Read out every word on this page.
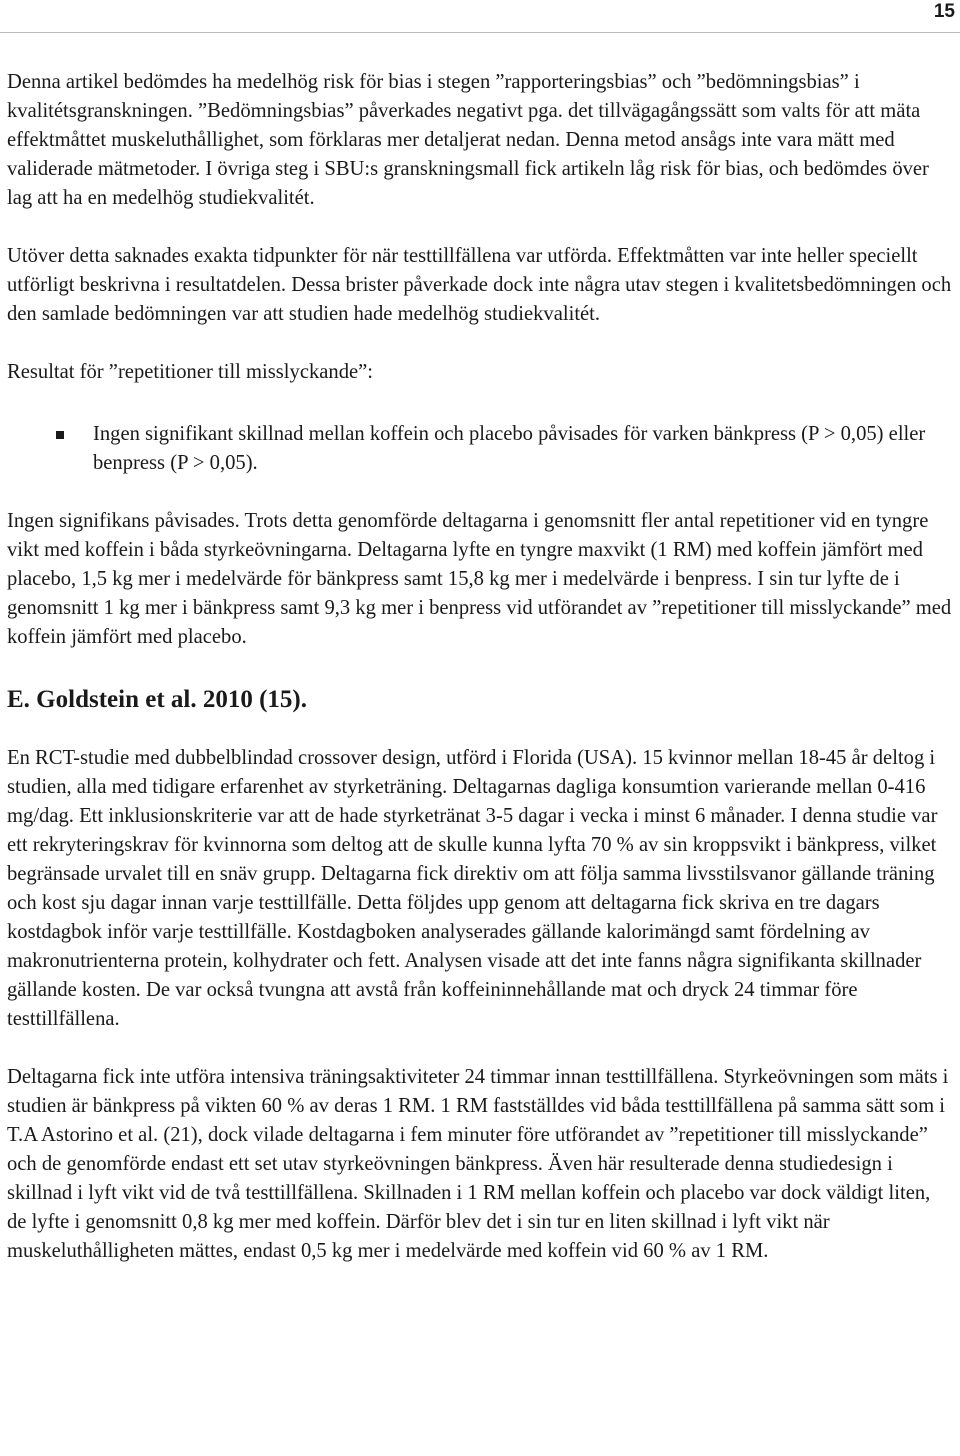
15

Denna artikel bedömdes ha medelhög risk för bias i stegen ”rapporteringsbias” och ”bedömningsbias” i kvalitétsgranskningen. ”Bedömningsbias” påverkades negativt pga. det tillvägagångssätt som valts för att mäta effektmåttet muskeluthållighet, som förklaras mer detaljerat nedan. Denna metod ansågs inte vara mätt med validerade mätmetoder. I övriga steg i SBU:s granskningsmall fick artikeln låg risk för bias, och bedömdes över lag att ha en medelhög studiekvalitét.

Utöver detta saknades exakta tidpunkter för när testtillfällena var utförda. Effektmåtten var inte heller speciellt utförligt beskrivna i resultatdelen. Dessa brister påverkade dock inte några utav stegen i kvalitetsbedömningen och den samlade bedömningen var att studien hade medelhög studiekvalitét.

Resultat för ”repetitioner till misslyckande”:

Ingen signifikant skillnad mellan koffein och placebo påvisades för varken bänkpress (P > 0,05) eller benpress (P > 0,05).

Ingen signifikans påvisades. Trots detta genomförde deltagarna i genomsnitt fler antal repetitioner vid en tyngre vikt med koffein i båda styrkeövningarna. Deltagarna lyfte en tyngre maxvikt (1 RM) med koffein jämfört med placebo, 1,5 kg mer i medelvärde för bänkpress samt 15,8 kg mer i medelvärde i benpress. I sin tur lyfte de i genomsnitt 1 kg mer i bänkpress samt 9,3 kg mer i benpress vid utförandet av ”repetitioner till misslyckande” med koffein jämfört med placebo.

E. Goldstein et al. 2010 (15).

En RCT-studie med dubbelblindad crossover design, utförd i Florida (USA). 15 kvinnor mellan 18-45 år deltog i studien, alla med tidigare erfarenhet av styrketräning. Deltagarnas dagliga konsumtion varierande mellan 0-416 mg/dag. Ett inklusionskriterie var att de hade styrketränat 3-5 dagar i vecka i minst 6 månader. I denna studie var ett rekryteringskrav för kvinnorna som deltog att de skulle kunna lyfta 70 % av sin kroppsvikt i bänkpress, vilket begränsade urvalet till en snäv grupp. Deltagarna fick direktiv om att följa samma livsstilsvanor gällande träning och kost sju dagar innan varje testtillfälle. Detta följdes upp genom att deltagarna fick skriva en tre dagars kostdagbok inför varje testtillfälle. Kostdagboken analyserades gällande kalorimängd samt fördelning av makronutrienterna protein, kolhydrater och fett. Analysen visade att det inte fanns några signifikanta skillnader gällande kosten. De var också tvungna att avstå från koffeininnehållande mat och dryck 24 timmar före testtillfällena.

Deltagarna fick inte utföra intensiva träningsaktiviteter 24 timmar innan testtillfällena. Styrkeövningen som mäts i studien är bänkpress på vikten 60 % av deras 1 RM. 1 RM fastställdes vid båda testtillfällena på samma sätt som i T.A Astorino et al. (21), dock vilade deltagarna i fem minuter före utförandet av ”repetitioner till misslyckande” och de genomförde endast ett set utav styrkeövningen bänkpress. Även här resulterade denna studiedesign i skillnad i lyft vikt vid de två testtillfällena. Skillnaden i 1 RM mellan koffein och placebo var dock väldigt liten, de lyfte i genomsnitt 0,8 kg mer med koffein. Därför blev det i sin tur en liten skillnad i lyft vikt när muskeluthålligheten mättes, endast 0,5 kg mer i medelvärde med koffein vid 60 % av 1 RM.
